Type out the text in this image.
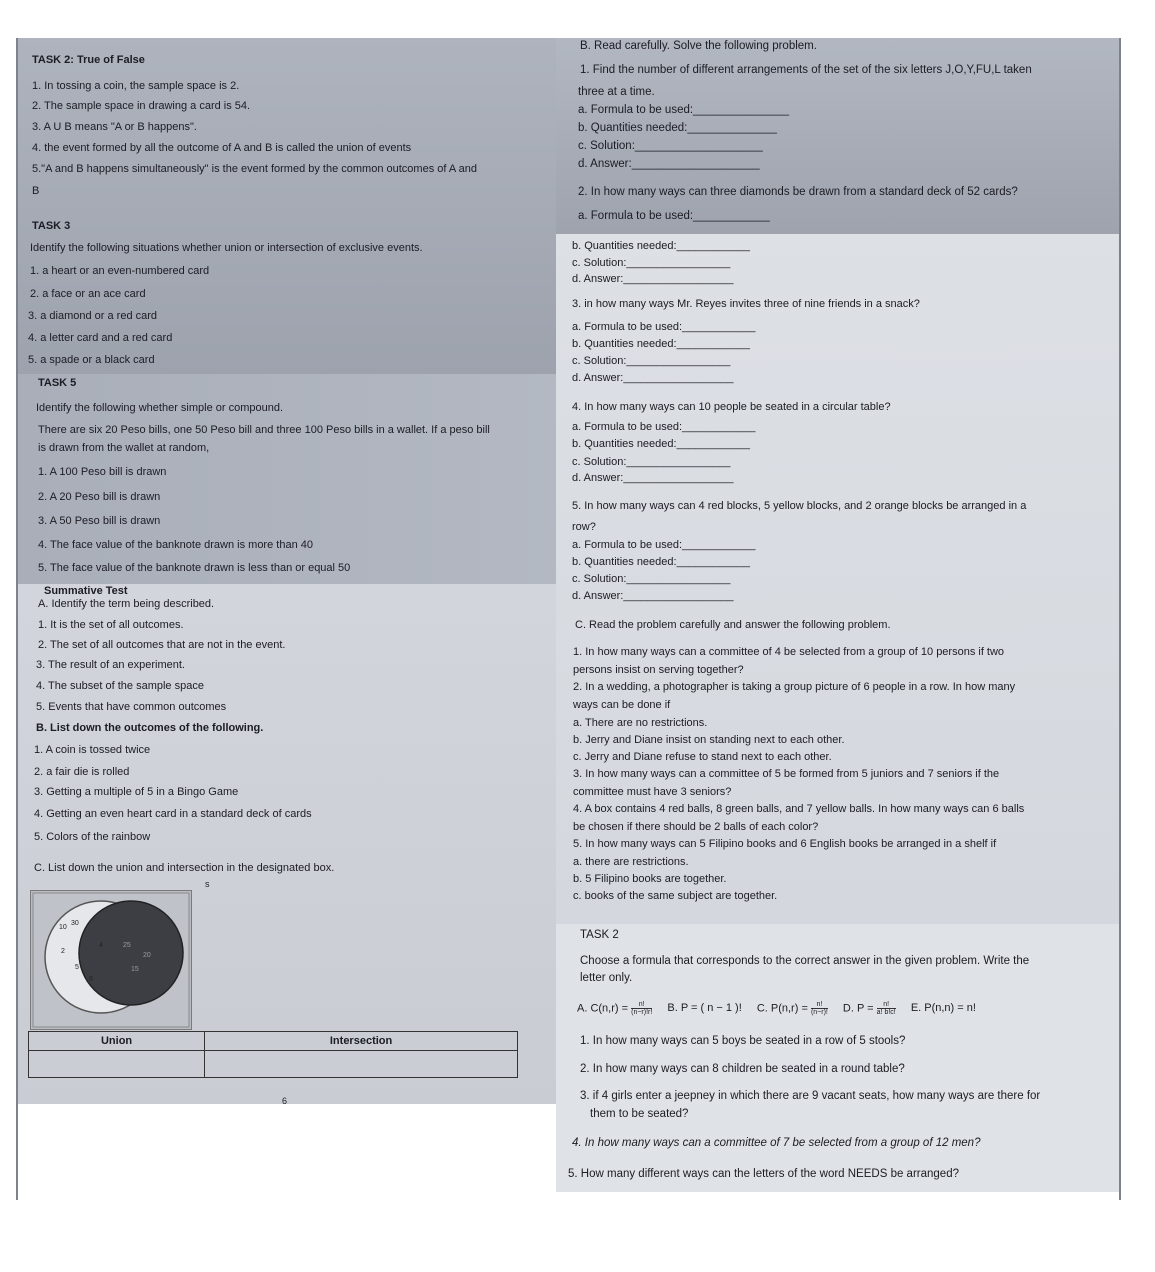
TASK 2: True of False
1. In tossing a coin, the sample space is 2.
2. The sample space in drawing a card is 54.
3. A U B means "A or B happens".
4. the event formed by all the outcome of A and B is called the union of events
5."A and B happens simultaneously" is the event formed by the common outcomes of A and
B
TASK 3
Identify the following situations whether union or intersection of exclusive events.
1. a heart or an even-numbered card
2. a face or an ace card
3. a diamond or a red card
4. a letter card and a red card
5. a spade or a black card
TASK 5
Identify the following whether simple or compound.
There are six 20 Peso bills, one 50 Peso bill and three 100 Peso bills in a wallet. If a peso bill
is drawn from the wallet at random,
1. A 100 Peso bill is drawn
2. A 20 Peso bill is drawn
3. A 50 Peso bill is drawn
4. The face value of the banknote drawn is more than 40
5. The face value of the banknote drawn is less than or equal 50
Summative Test
A. Identify the term being described.
1. It is the set of all outcomes.
2. The set of all outcomes that are not in the event.
3. The result of an experiment.
4. The subset of the sample space
5. Events that have common outcomes
B. List down the outcomes of the following.
1. A coin is tossed twice
2. a fair die is rolled
3. Getting a multiple of 5 in a Bingo Game
4. Getting an even heart card in a standard deck of cards
5. Colors of the rainbow
C. List down the union and intersection in the designated box.
s
10
30
2
4
5
25
20
15
8
Union	Intersection

6
B. Read carefully. Solve the following problem.
1. Find the number of different arrangements of the set of the six letters J,O,Y,FU,L taken
three at a time.
a. Formula to be used:_______________
b. Quantities needed:______________
c. Solution:____________________
d. Answer:____________________
2. In how many ways can three diamonds be drawn from a standard deck of 52 cards?
a. Formula to be used:____________
b. Quantities needed:____________
c. Solution:_________________
d. Answer:__________________
3. in how many ways Mr. Reyes invites three of nine friends in a snack?
a. Formula to be used:____________
b. Quantities needed:____________
c. Solution:_________________
d. Answer:__________________
4. In how many ways can 10 people be seated in a circular table?
a. Formula to be used:____________
b. Quantities needed:____________
c. Solution:_________________
d. Answer:__________________
5. In how many ways can 4 red blocks, 5 yellow blocks, and 2 orange blocks be arranged in a
row?
a. Formula to be used:____________
b. Quantities needed:____________
c. Solution:_________________
d. Answer:__________________
C. Read the problem carefully and answer the following problem.
1. In how many ways can a committee of 4 be selected from a group of 10 persons if two
persons insist on serving together?
2. In a wedding, a photographer is taking a group picture of 6 people in a row. In how many
ways can be done if
a. There are no restrictions.
b. Jerry and Diane insist on standing next to each other.
c. Jerry and Diane refuse to stand next to each other.
3. In how many ways can a committee of 5 be formed from 5 juniors and 7 seniors if the
committee must have 3 seniors?
4. A box contains 4 red balls, 8 green balls, and 7 yellow balls. In how many ways can 6 balls
be chosen if there should be 2 balls of each color?
5. In how many ways can 5 Filipino books and 6 English books be arranged in a shelf if
a. there are restrictions.
b. 5 Filipino books are together.
c. books of the same subject are together.
TASK 2
Choose a formula that corresponds to the correct answer in the given problem. Write the
letter only.
A. $C(n,r) = \frac{n!}{(n-r)!r!} B$. P = ( n − 1 )! C. $P(n,r) = \frac{n!}{(n-r)!} D$. $P = \frac{n!}{a! b!c!} E$. P(n,n) = n!
1. In how many ways can 5 boys be seated in a row of 5 stools?
2. In how many ways can 8 children be seated in a round table?
3. if 4 girls enter a jeepney in which there are 9 vacant seats, how many ways are there for
them to be seated?
4. In how many ways can a committee of 7 be selected from a group of 12 men?
5. How many different ways can the letters of the word NEEDS be arranged?
